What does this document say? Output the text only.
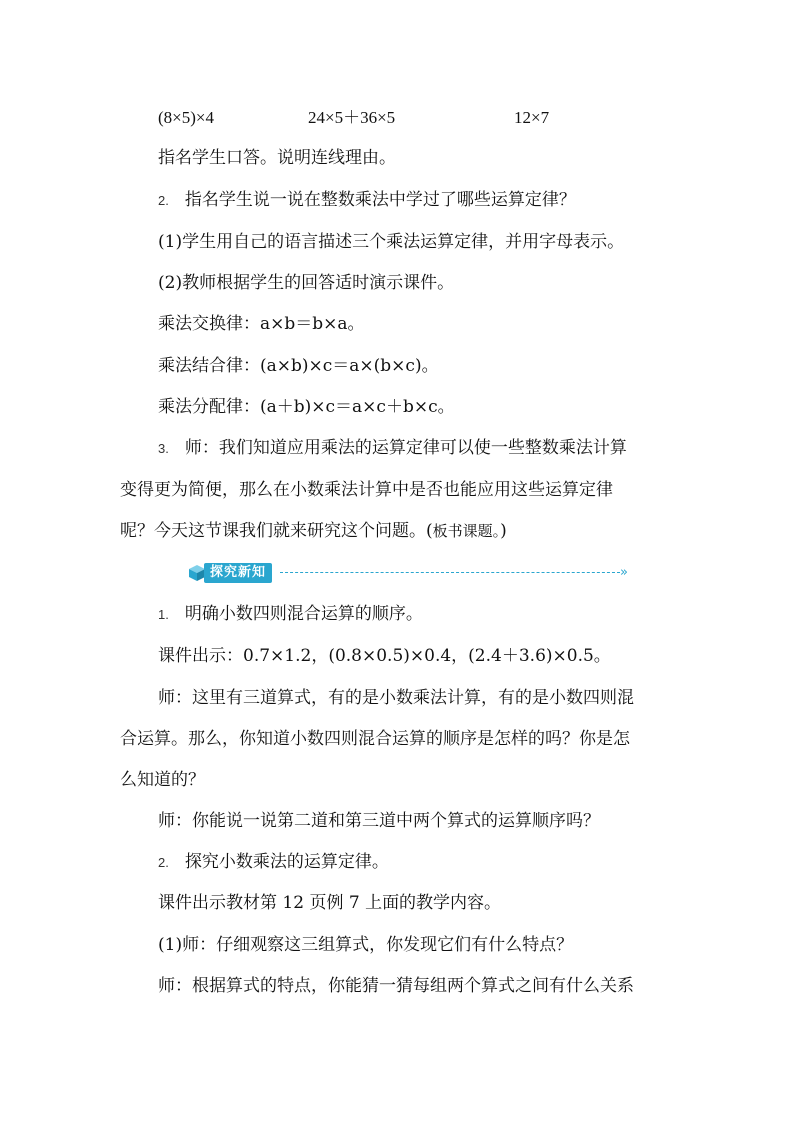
(8×5)×4	24×5＋36×5	12×7
指名学生口答。说明连线理由。
2. 指名学生说一说在整数乘法中学过了哪些运算定律？
(1)学生用自己的语言描述三个乘法运算定律，并用字母表示。
(2)教师根据学生的回答适时演示课件。
乘法交换律：a×b＝b×a。
乘法结合律：(a×b)×c＝a×(b×c)。
乘法分配律：(a＋b)×c＝a×c＋b×c。
3. 师：我们知道应用乘法的运算定律可以使一些整数乘法计算
变得更为简便，那么在小数乘法计算中是否也能应用这些运算定律
呢？今天这节课我们就来研究这个问题。(板书课题。)
探究新知	»
1. 明确小数四则混合运算的顺序。
课件出示：0.7×1.2，(0.8×0.5)×0.4，(2.4＋3.6)×0.5。
师：这里有三道算式，有的是小数乘法计算，有的是小数四则混
合运算。那么，你知道小数四则混合运算的顺序是怎样的吗？你是怎
么知道的？
师：你能说一说第二道和第三道中两个算式的运算顺序吗？
2. 探究小数乘法的运算定律。
课件出示教材第 12 页例 7 上面的教学内容。
(1)师：仔细观察这三组算式，你发现它们有什么特点？
师：根据算式的特点，你能猜一猜每组两个算式之间有什么关系
